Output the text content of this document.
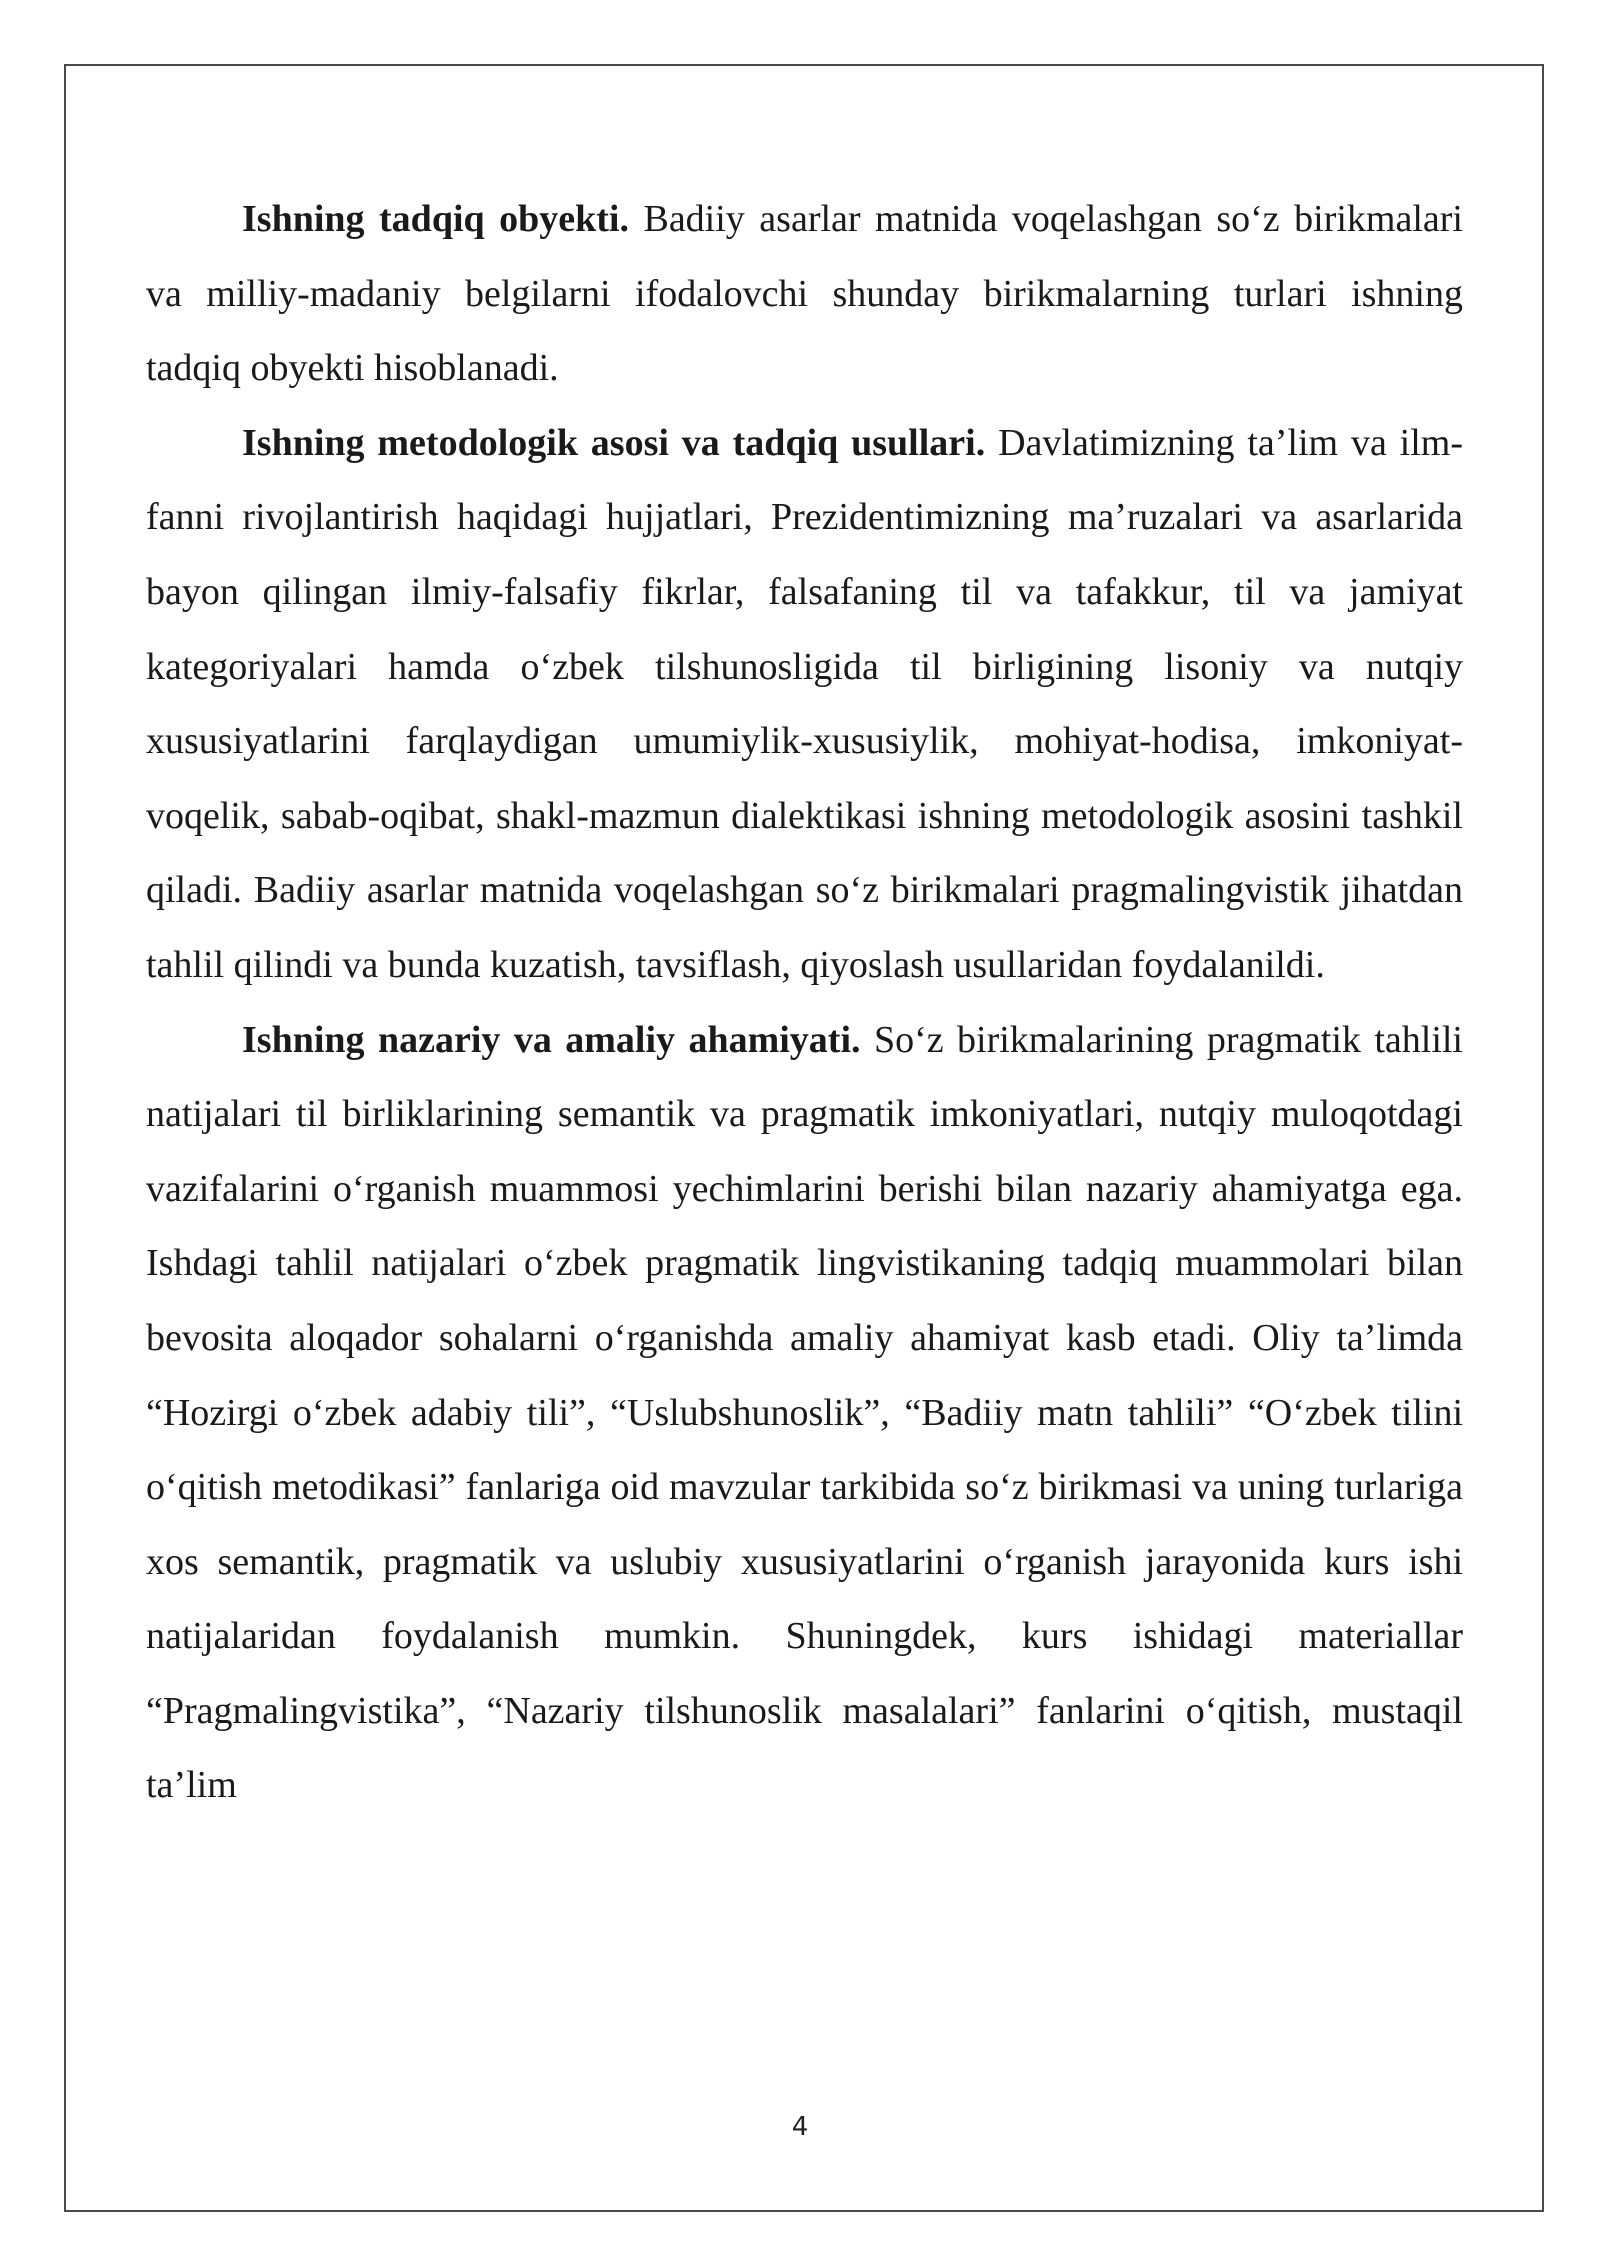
Ishning tadqiq obyekti. Badiiy asarlar matnida voqelashgan so‘z birikmalari va milliy-madaniy belgilarni ifodalovchi shunday birikmalarning turlari ishning tadqiq obyekti hisoblanadi.

Ishning metodologik asosi va tadqiq usullari. Davlatimizning ta’lim va ilm-fanni rivojlantirish haqidagi hujjatlari, Prezidentimizning ma’ruzalari va asarlarida bayon qilingan ilmiy-falsafiy fikrlar, falsafaning til va tafakkur, til va jamiyat kategoriyalari hamda o‘zbek tilshunosligida til birligining lisoniy va nutqiy xususiyatlarini farqlaydigan umumiylik-xususiylik, mohiyat-hodisa, imkoniyat-voqelik, sabab-oqibat, shakl-mazmun dialektikasi ishning metodologik asosini tashkil qiladi. Badiiy asarlar matnida voqelashgan so‘z birikmalari pragmalingvistik jihatdan tahlil qilindi va bunda kuzatish, tavsiflash, qiyoslash usullaridan foydalanildi.

Ishning nazariy va amaliy ahamiyati. So‘z birikmalarining pragmatik tahlili natijalari til birliklarining semantik va pragmatik imkoniyatlari, nutqiy muloqotdagi vazifalarini o‘rganish muammosi yechimlarini berishi bilan nazariy ahamiyatga ega. Ishdagi tahlil natijalari o‘zbek pragmatik lingvistikaning tadqiq muammolari bilan bevosita aloqador sohalarni o‘rganishda amaliy ahamiyat kasb etadi. Oliy ta’limda “Hozirgi o‘zbek adabiy tili”, “Uslubshunoslik”, “Badiiy matn tahlili” “O‘zbek tilini o‘qitish metodikasi” fanlariga oid mavzular tarkibida so‘z birikmasi va uning turlariga xos semantik, pragmatik va uslubiy xususiyatlarini o‘rganish jarayonida kurs ishi natijalaridan foydalanish mumkin. Shuningdek, kurs ishidagi materiallar “Pragmalingvistika”, “Nazariy tilshunoslik masalalari” fanlarini o‘qitish, mustaqil ta’lim

4
